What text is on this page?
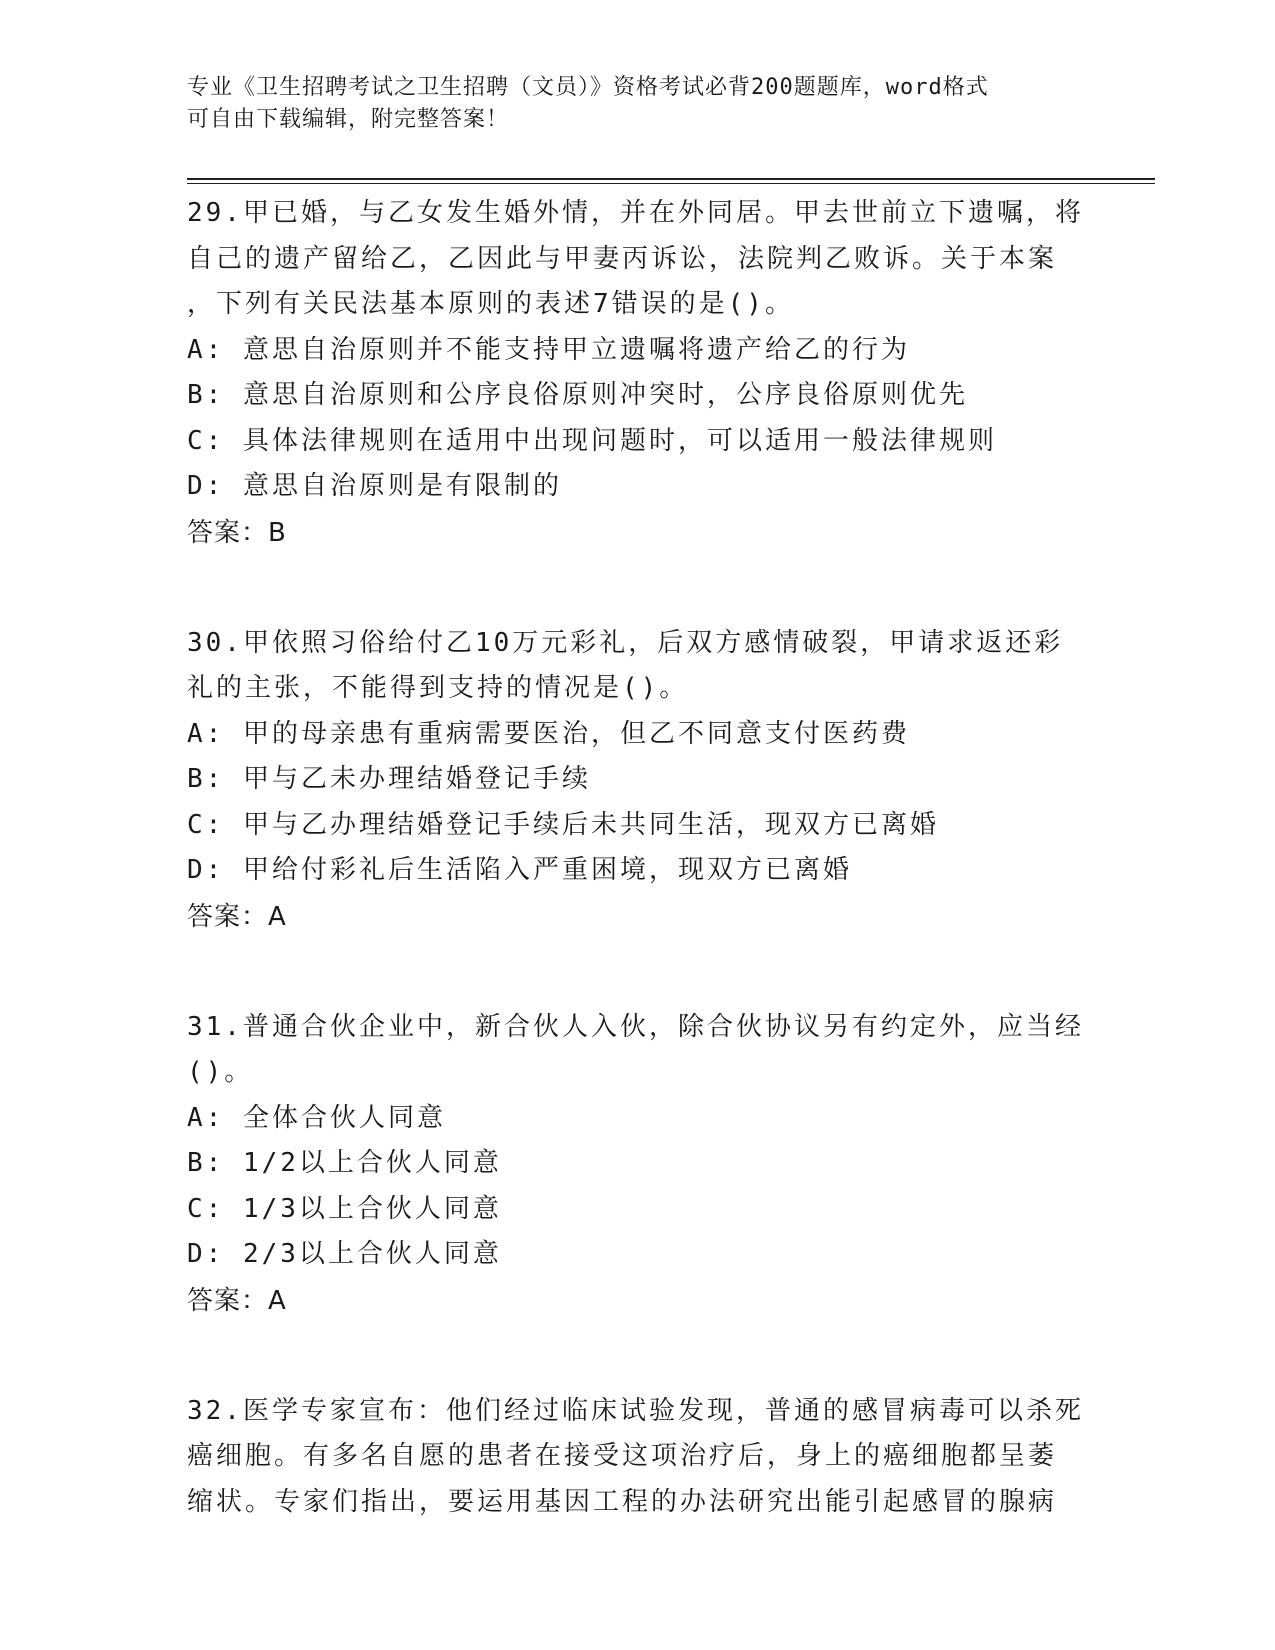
专业《卫生招聘考试之卫生招聘（文员）》资格考试必背200题题库，word格式
可自由下载编辑，附完整答案！
29.甲已婚，与乙女发生婚外情，并在外同居。甲去世前立下遗嘱，将
自己的遗产留给乙，乙因此与甲妻丙诉讼，法院判乙败诉。关于本案
，下列有关民法基本原则的表述7错误的是()。
A: 意思自治原则并不能支持甲立遗嘱将遗产给乙的行为
B: 意思自治原则和公序良俗原则冲突时，公序良俗原则优先
C: 具体法律规则在适用中出现问题时，可以适用一般法律规则
D: 意思自治原则是有限制的
答案：B
30.甲依照习俗给付乙10万元彩礼，后双方感情破裂，甲请求返还彩
礼的主张，不能得到支持的情况是()。
A: 甲的母亲患有重病需要医治，但乙不同意支付医药费
B: 甲与乙未办理结婚登记手续
C: 甲与乙办理结婚登记手续后未共同生活，现双方已离婚
D: 甲给付彩礼后生活陷入严重困境，现双方已离婚
答案：A
31.普通合伙企业中，新合伙人入伙，除合伙协议另有约定外，应当经
()。
A: 全体合伙人同意
B: 1/2以上合伙人同意
C: 1/3以上合伙人同意
D: 2/3以上合伙人同意
答案：A
32.医学专家宣布：他们经过临床试验发现，普通的感冒病毒可以杀死
癌细胞。有多名自愿的患者在接受这项治疗后，身上的癌细胞都呈萎
缩状。专家们指出，要运用基因工程的办法研究出能引起感冒的腺病
